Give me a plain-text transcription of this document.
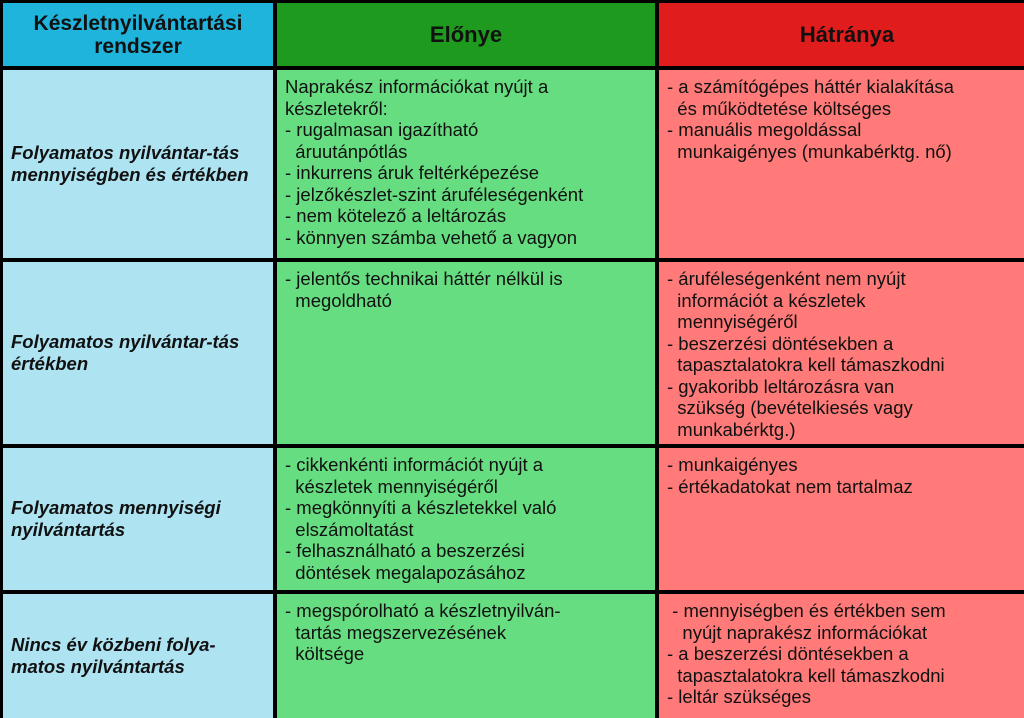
Készletnyilvántartási rendszer	Előnye	Hátránya
Folyamatos nyilvántar-tás mennyiségben és értékben
Naprakész információkat nyújt a
készletekről:
- rugalmasan igazítható
áruutánpótlás
- inkurrens áruk feltérképezése
- jelzőkészlet-szint áruféleségenként
- nem kötelező a leltározás
- könnyen számba vehető a vagyon
- a számítógépes háttér kialakítása
és működtetése költséges
- manuális megoldással
munkaigényes (munkabérktg. nő)
Folyamatos nyilvántar-tás értékben
- jelentős technikai háttér nélkül is
megoldható
- áruféleségenként nem nyújt
információt a készletek
mennyiségéről
- beszerzési döntésekben a
tapasztalatokra kell támaszkodni
- gyakoribb leltározásra van
szükség (bevételkiesés vagy
munkabérktg.)
Folyamatos mennyiségi nyilvántartás
- cikkenkénti információt nyújt a
készletek mennyiségéről
- megkönnyíti a készletekkel való
elszámoltatást
- felhasználható a beszerzési
döntések megalapozásához
- munkaigényes
- értékadatokat nem tartalmaz
Nincs év közbeni folya-matos nyilvántartás
- megspórolható a készletnyilván-
tartás megszervezésének
költsége
- mennyiségben és értékben sem
nyújt naprakész információkat
- a beszerzési döntésekben a
tapasztalatokra kell támaszkodni
- leltár szükséges
